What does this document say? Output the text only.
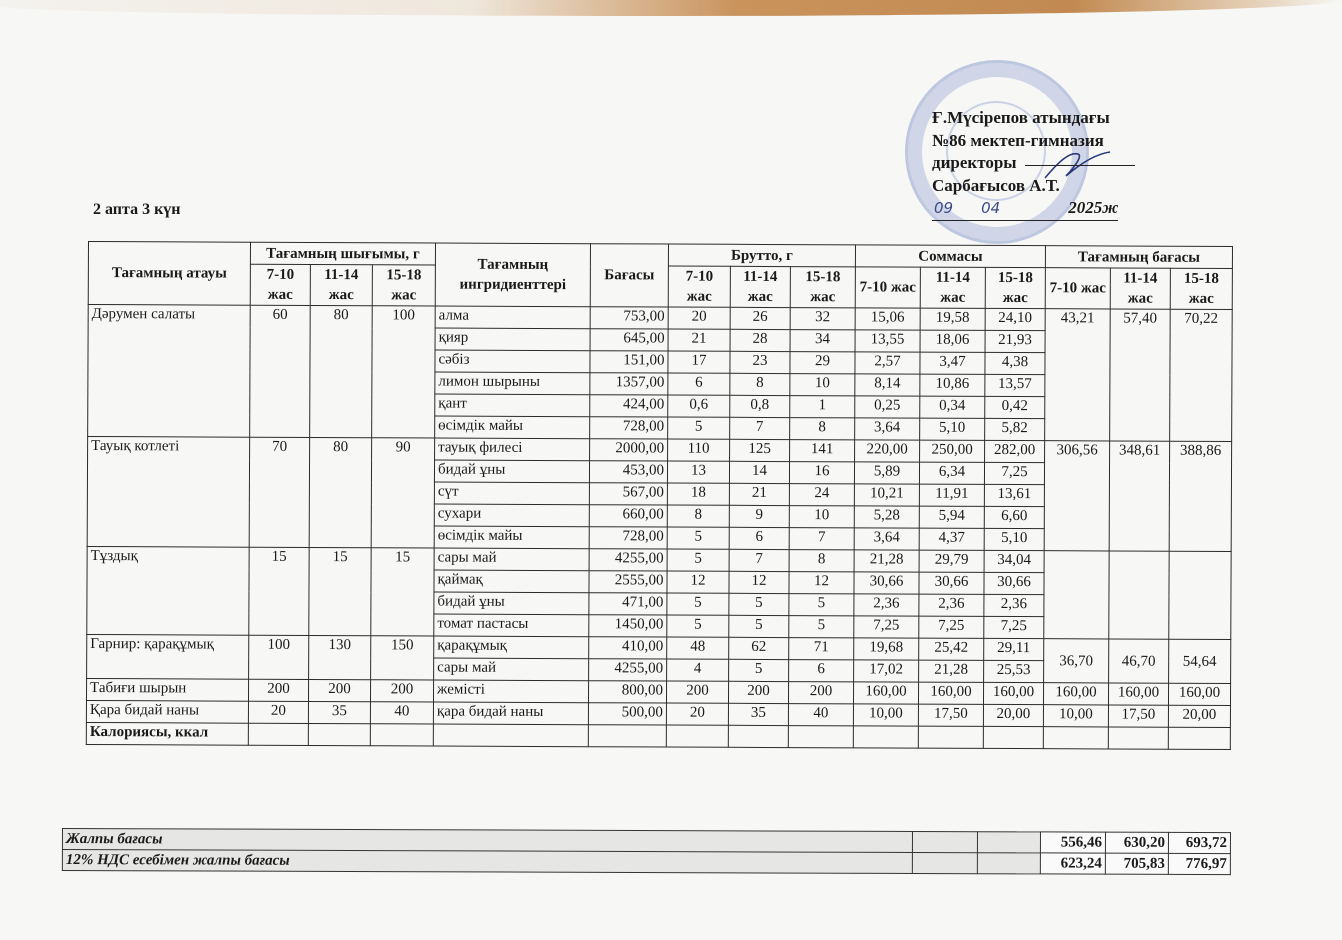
Ғ.Мүсірепов атындағы
№86 мектеп-гимназия
директоры
Сарбағысов А.Т.
09	04	2025ж
2 апта 3 күн
Тағамның атауы	Тағамның шығымы, г			Тағамның ингридиенттері	Бағасы	Брутто, г			Соммасы			Тағамның бағасы		
	7-10 жас	11-14 жас	15-18 жас			7-10 жас	11-14 жас	15-18 жас	7-10 жас	11-14 жас	15-18 жас	7-10 жас	11-14 жас	15-18 жас
Дәрумен салаты	60	80	100	алма	753,00	20	26	32	15,06	19,58	24,10	43,21	57,40	70,22
				қияр	645,00	21	28	34	13,55	18,06	21,93			
				сәбіз	151,00	17	23	29	2,57	3,47	4,38			
				лимон шырыны	1357,00	6	8	10	8,14	10,86	13,57			
				қант	424,00	0,6	0,8	1	0,25	0,34	0,42			
				өсімдік майы	728,00	5	7	8	3,64	5,10	5,82			
Тауық котлеті	70	80	90	тауық филесі	2000,00	110	125	141	220,00	250,00	282,00	306,56	348,61	388,86
				бидай ұны	453,00	13	14	16	5,89	6,34	7,25			
				сүт	567,00	18	21	24	10,21	11,91	13,61			
				сухари	660,00	8	9	10	5,28	5,94	6,60			
				өсімдік майы	728,00	5	6	7	3,64	4,37	5,10			
Тұздық	15	15	15	сары май	4255,00	5	7	8	21,28	29,79	34,04			
				қаймақ	2555,00	12	12	12	30,66	30,66	30,66			
				бидай ұны	471,00	5	5	5	2,36	2,36	2,36			
				томат пастасы	1450,00	5	5	5	7,25	7,25	7,25			
Гарнир: қарақұмық	100	130	150	қарақұмық	410,00	48	62	71	19,68	25,42	29,11	36,70	46,70	54,64
				сары май	4255,00	4	5	6	17,02	21,28	25,53			
Табиғи шырын	200	200	200	жемісті	800,00	200	200	200	160,00	160,00	160,00	160,00	160,00	160,00
Қара бидай наны	20	35	40	қара бидай наны	500,00	20	35	40	10,00	17,50	20,00	10,00	17,50	20,00
Калориясы, ккал														
Жалпы бағасы			556,46	630,20	693,72
12% НДС есебімен жалпы бағасы			623,24	705,83	776,97
